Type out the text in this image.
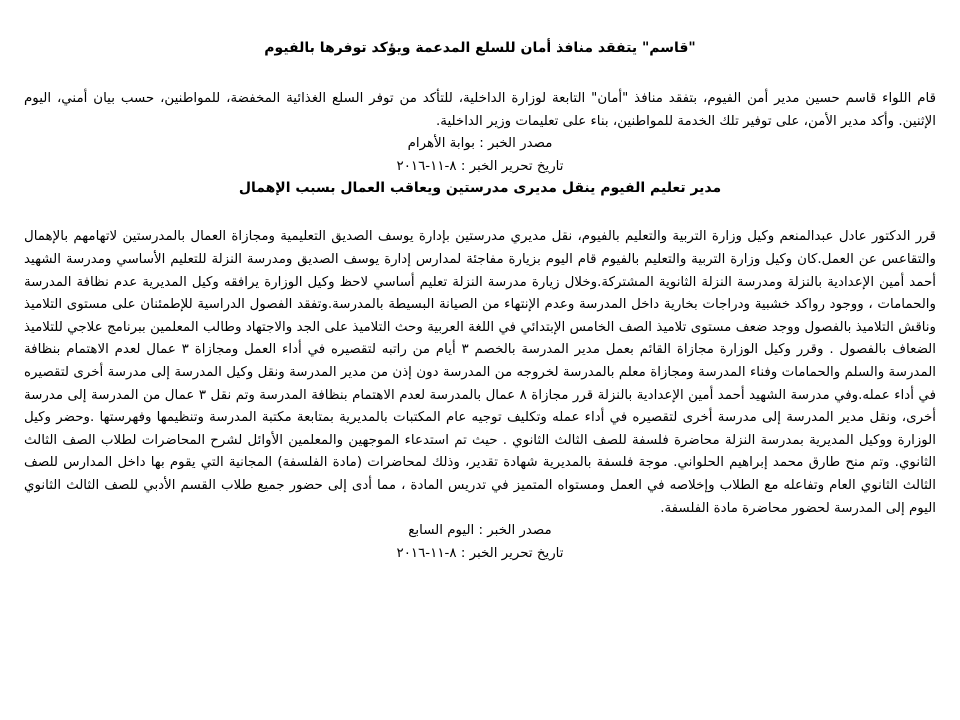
"قاسم" يتفقد منافذ أمان للسلع المدعمة ويؤكد توفرها بالفيوم
قام اللواء قاسم حسين مدير أمن الفيوم، بتفقد منافذ "أمان" التابعة لوزارة الداخلية، للتأكد من توفر السلع الغذائية المخفضة، للمواطنين، حسب بيان أمني، اليوم الإثنين. وأكد مدير الأمن، على توفير تلك الخدمة للمواطنين، بناء على تعليمات وزير الداخلية.
مصدر الخبر : بوابة الأهرام
تاريخ تحرير الخبر : ٨-١١-٢٠١٦
مدير تعليم الفيوم ينقل مديرى مدرستين ويعاقب العمال بسبب الإهمال
قرر الدكتور عادل عبدالمنعم وكيل وزارة التربية والتعليم بالفيوم، نقل مديري مدرستين بإدارة يوسف الصديق التعليمية ومجازاة العمال بالمدرستين لاتهامهم بالإهمال والتقاعس عن العمل.كان وكيل وزارة التربية والتعليم بالفيوم قام اليوم بزيارة مفاجئة لمدارس إدارة يوسف الصديق ومدرسة النزلة للتعليم الأساسي ومدرسة الشهيد أحمد أمين الإعدادية بالنزلة ومدرسة النزلة الثانوية المشتركة.وخلال زيارة مدرسة النزلة تعليم أساسي لاحظ وكيل الوزارة يرافقه وكيل المديرية عدم نظافة المدرسة والحمامات ، ووجود رواكد خشبية ودراجات بخارية داخل المدرسة وعدم الإنتهاء من الصيانة البسيطة بالمدرسة.وتفقد الفصول الدراسية للإطمئنان على مستوى التلاميذ وناقش التلاميذ بالفصول ووجد ضعف مستوى تلاميذ الصف الخامس الإبتدائي في اللغة العربية وحث التلاميذ على الجد والاجتهاد وطالب المعلمين ببرنامج علاجي للتلاميذ الضعاف بالفصول . وقرر وكيل الوزارة مجازاة القائم بعمل مدير المدرسة بالخصم ٣ أيام من راتبه لتقصيره في أداء العمل ومجازاة ٣ عمال لعدم الاهتمام بنظافة المدرسة والسلم والحمامات وفناء المدرسة ومجازاة معلم بالمدرسة لخروجه من المدرسة دون إذن من مدير المدرسة ونقل وكيل المدرسة إلى مدرسة أخرى لتقصيره في أداء عمله.وفي مدرسة الشهيد أحمد أمين الإعدادية بالنزلة قرر مجازاة ٨ عمال بالمدرسة لعدم الاهتمام بنظافة المدرسة وتم نقل ٣ عمال من المدرسة إلى مدرسة أخرى، ونقل مدير المدرسة إلى مدرسة أخرى لتقصيره في أداء عمله وتكليف توجيه عام المكتبات بالمديرية بمتابعة مكتبة المدرسة وتنظيمها وفهرستها .وحضر وكيل الوزارة ووكيل المديرية بمدرسة النزلة محاضرة فلسفة للصف الثالث الثانوي . حيث تم استدعاء الموجهين والمعلمين الأوائل لشرح المحاضرات لطلاب الصف الثالث الثانوي. وتم منح طارق محمد إبراهيم الحلواني. موجة فلسفة بالمديرية شهادة تقدير، وذلك لمحاضرات (مادة الفلسفة) المجانية التي يقوم بها داخل المدارس للصف الثالث الثانوي العام وتفاعله مع الطلاب وإخلاصه في العمل ومستواه المتميز في تدريس المادة ، مما أدى إلى حضور جميع طلاب القسم الأدبي للصف الثالث الثانوي اليوم إلى المدرسة لحضور محاضرة مادة الفلسفة.
مصدر الخبر : اليوم السابع
تاريخ تحرير الخبر : ٨-١١-٢٠١٦
